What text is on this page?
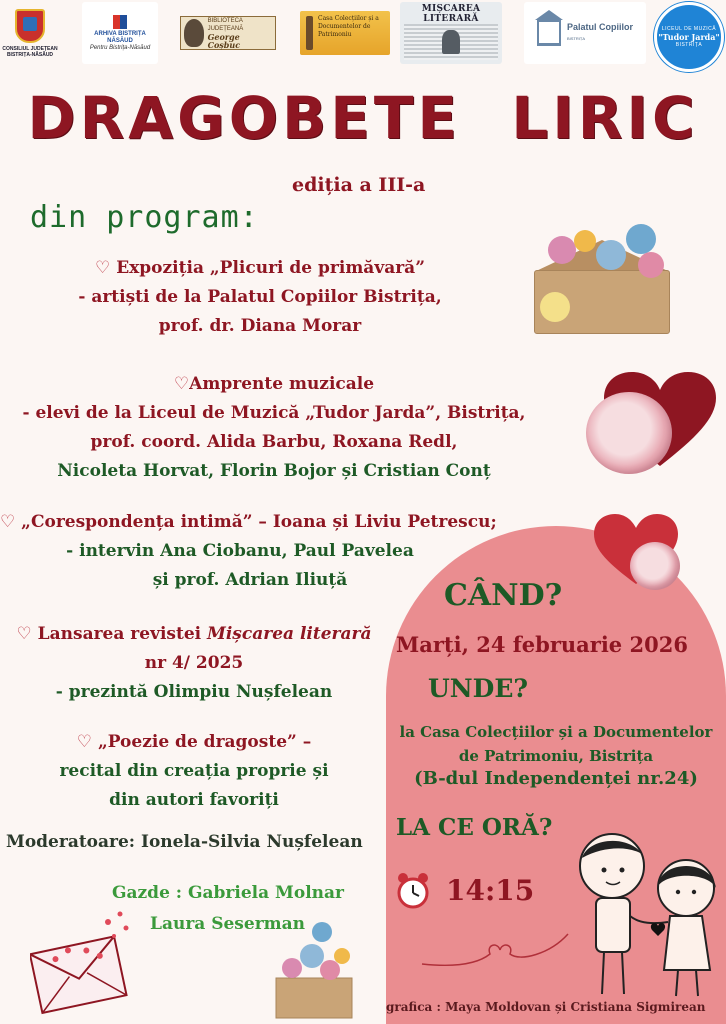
CONSILIUL JUDEȚEAN BISTRIȚA-NĂSĂUD
ARHIVA BISTRIȚA NĂSĂUD
Pentru Bistrița-Năsăud
BIBLIOTECA JUDEȚEANĂ
George Coșbuc
Casa Colecțiilor și a Documentelor de Patrimoniu
MIȘCAREA LITERARĂ
Palatul Copiilor
BISTRIȚA
LICEUL DE MUZICĂ
"Tudor Jarda"
BISTRIȚA
DRAGOBETE LIRIC
ediția a III-a
din program:
♡ Expoziția „Plicuri de primăvară”
- artiști de la Palatul Copiilor Bistrița,
prof. dr. Diana Morar
♡Amprente muzicale
- elevi de la Liceul de Muzică „Tudor Jarda”, Bistrița,
prof. coord. Alida Barbu, Roxana Redl,
Nicoleta Horvat, Florin Bojor și Cristian Conț
♡ „Corespondența intimă” – Ioana și Liviu Petrescu;
- intervin Ana Ciobanu, Paul Pavelea
și prof. Adrian Iliuță
♡ Lansarea revistei Mișcarea literară
nr 4/ 2025
- prezintă Olimpiu Nușfelean
♡ „Poezie de dragoste” –
recital din creația proprie și
din autori favoriți
Moderatoare: Ionela-Silvia Nușfelean
Gazde : Gabriela Molnar
Laura Seserman
CÂND?
Marți, 24 februarie 2026
UNDE?
la Casa Colecțiilor și a Documentelor
de Patrimoniu, Bistrița
(B-dul Independenței nr.24)
LA CE ORĂ?
14:15
grafica : Maya Moldovan și Cristiana Sigmirean
